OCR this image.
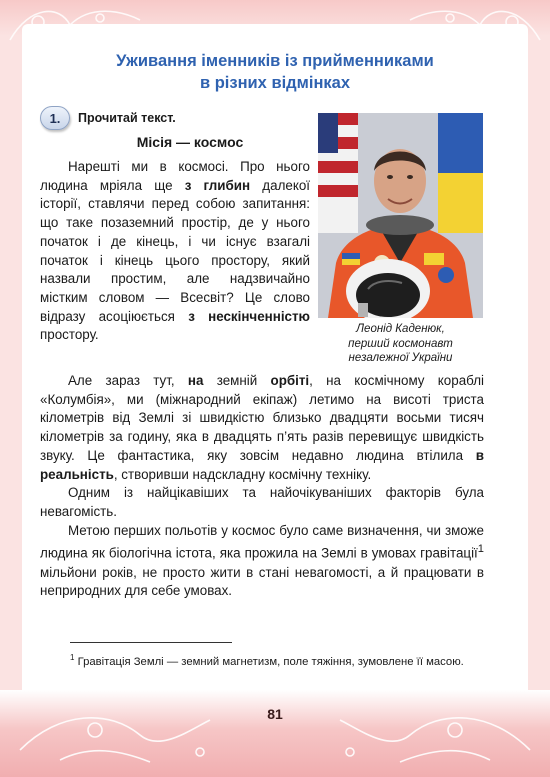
Уживання іменників із прийменниками
в різних відмінках
1.	Прочитай текст.
Місія — космос

Нарешті ми в космосі. Про нього людина мріяла ще з глибин далекої історії, ставлячи перед собою запитання: що таке позаземний простір, де у нього початок і де кінець, і чи існує взагалі початок і кінець цього простору, який назвали простим, але надзвичайно містким словом — Всесвіт? Це слово відразу асоціюється з нескінченністю простору.	Леонід Каденюк,
перший космонавт
незалежної України

Але зараз тут, на земній орбіті, на космічному кораблі «Колумбія», ми (міжнародний екіпаж) летимо на висоті триста кілометрів від Землі зі швидкістю близько двадцяти восьми тисяч кілометрів за годину, яка в двадцять п’ять разів перевищує швидкість звуку. Це фантастика, яку зовсім недавно людина втілила в реальність, створивши надскладну космічну техніку.

Одним із найцікавіших та найочікуваніших факторів була невагомість.

Метою перших польотів у космос було саме визначення, чи зможе людина як біологічна істота, яка прожила на Землі в умовах гравітації$^1$ мільйони років, не просто жити в стані невагомості, а й працювати в неприродних для себе умовах.

$^1$ Гравітація Землі — земний магнетизм, поле тяжіння, зумовлене її масою.
81
